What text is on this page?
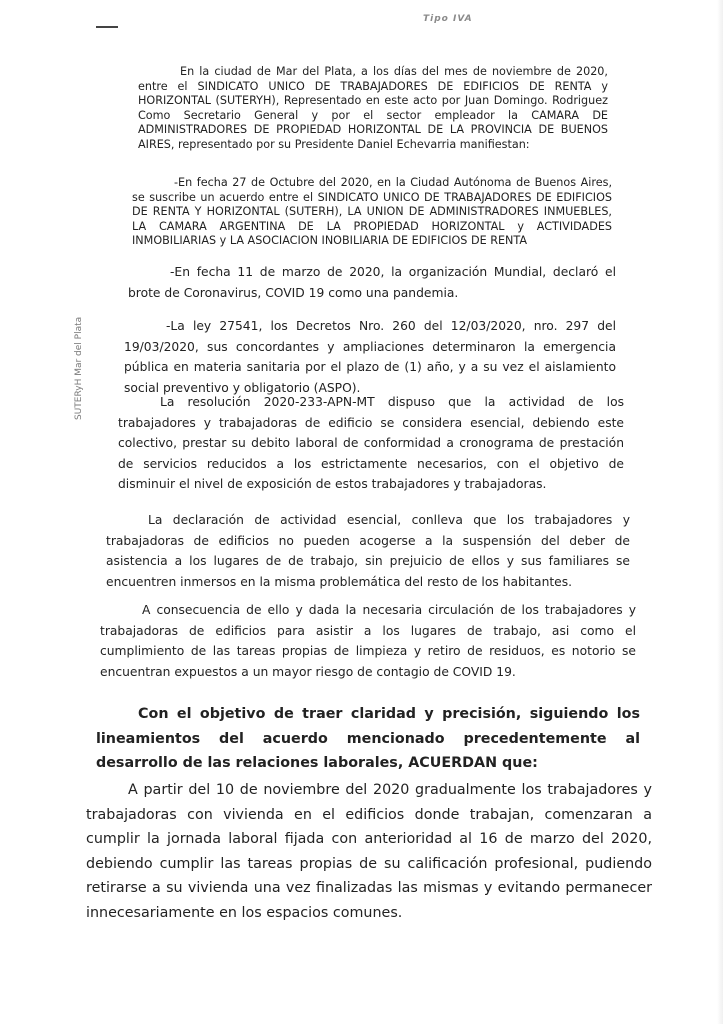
Tipo IVA
SUTERyH Mar del Plata

En la ciudad de Mar del Plata, a los días del mes de noviembre de 2020, entre el SINDICATO UNICO DE TRABAJADORES DE EDIFICIOS DE RENTA y HORIZONTAL (SUTERYH), Representado en este acto por Juan Domingo. Rodriguez Como Secretario General y por el sector empleador la CAMARA DE ADMINISTRADORES DE PROPIEDAD HORIZONTAL DE LA PROVINCIA DE BUENOS AIRES, representado por su Presidente Daniel Echevarria manifiestan:

-En fecha 27 de Octubre del 2020, en la Ciudad Autónoma de Buenos Aires, se suscribe un acuerdo entre el SINDICATO UNICO DE TRABAJADORES DE EDIFICIOS DE RENTA Y HORIZONTAL (SUTERH), LA UNION DE ADMINISTRADORES INMUEBLES, LA CAMARA ARGENTINA DE LA PROPIEDAD HORIZONTAL y ACTIVIDADES INMOBILIARIAS y LA ASOCIACION INOBILIARIA DE EDIFICIOS DE RENTA

-En fecha 11 de marzo de 2020, la organización Mundial, declaró el brote de Coronavirus, COVID 19 como una pandemia.

-La ley 27541, los Decretos Nro. 260 del 12/03/2020, nro. 297 del 19/03/2020, sus concordantes y ampliaciones determinaron la emergencia pública en materia sanitaria por el plazo de (1) año, y a su vez el aislamiento social preventivo y obligatorio (ASPO).

La resolución 2020-233-APN-MT dispuso que la actividad de los trabajadores y trabajadoras de edificio se considera esencial, debiendo este colectivo, prestar su debito laboral de conformidad a cronograma de prestación de servicios reducidos a los estrictamente necesarios, con el objetivo de disminuir el nivel de exposición de estos trabajadores y trabajadoras.

La declaración de actividad esencial, conlleva que los trabajadores y trabajadoras de edificios no pueden acogerse a la suspensión del deber de asistencia a los lugares de de trabajo, sin prejuicio de ellos y sus familiares se encuentren inmersos en la misma problemática del resto de los habitantes.

A consecuencia de ello y dada la necesaria circulación de los trabajadores y trabajadoras de edificios para asistir a los lugares de trabajo, asi como el cumplimiento de las tareas propias de limpieza y retiro de residuos, es notorio se encuentran expuestos a un mayor riesgo de contagio de COVID 19.

Con el objetivo de traer claridad y precisión, siguiendo los lineamientos del acuerdo mencionado precedentemente al desarrollo de las relaciones laborales, ACUERDAN que:

A partir del 10 de noviembre del 2020 gradualmente los trabajadores y trabajadoras con vivienda en el edificios donde trabajan, comenzaran a cumplir la jornada laboral fijada con anterioridad al 16 de marzo del 2020, debiendo cumplir las tareas propias de su calificación profesional, pudiendo retirarse a su vivienda una vez finalizadas las mismas y evitando permanecer innecesariamente en los espacios comunes.
